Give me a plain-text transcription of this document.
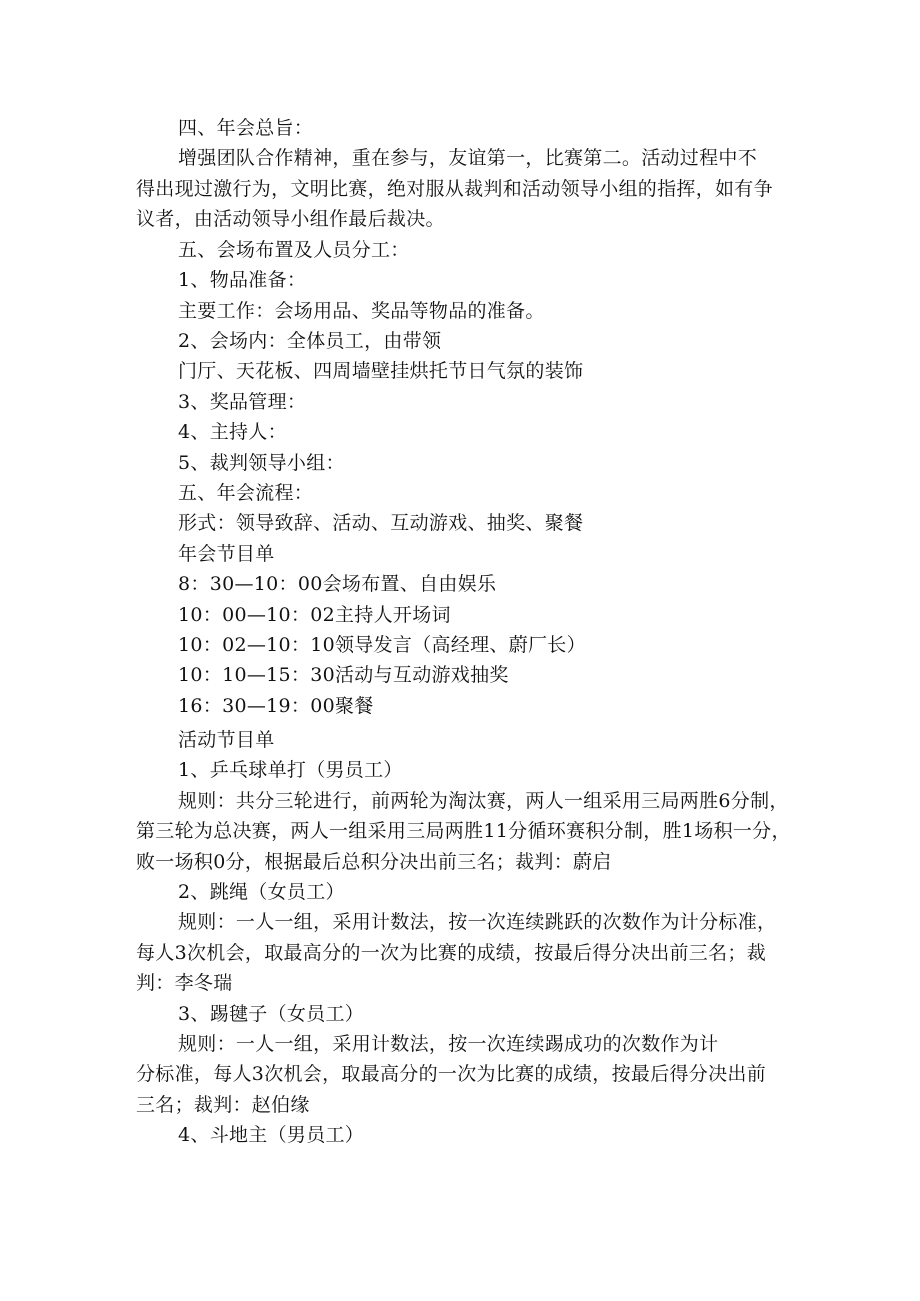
四、年会总旨：
增强团队合作精神，重在参与，友谊第一，比赛第二。活动过程中不
得出现过激行为，文明比赛，绝对服从裁判和活动领导小组的指挥，如有争
议者，由活动领导小组作最后裁决。
五、会场布置及人员分工：
1、物品准备：
主要工作：会场用品、奖品等物品的准备。
2、会场内：全体员工，由带领
门厅、天花板、四周墙壁挂烘托节日气氛的装饰
3、奖品管理：
4、主持人：
5、裁判领导小组：
五、年会流程：
形式：领导致辞、活动、互动游戏、抽奖、聚餐
年会节目单
8：30—10：00会场布置、自由娱乐
10：00—10：02主持人开场词
10：02—10：10领导发言（高经理、蔚厂长）
10：10—15：30活动与互动游戏抽奖
16：30—19：00聚餐
活动节目单
1、乒乓球单打（男员工）
规则：共分三轮进行，前两轮为淘汰赛，两人一组采用三局两胜6分制，
第三轮为总决赛，两人一组采用三局两胜11分循环赛积分制，胜1场积一分，
败一场积0分，根据最后总积分决出前三名；裁判：蔚启
2、跳绳（女员工）
规则：一人一组，采用计数法，按一次连续跳跃的次数作为计分标准，
每人3次机会，取最高分的一次为比赛的成绩，按最后得分决出前三名；裁
判：李冬瑞
3、踢毽子（女员工）
规则：一人一组，采用计数法，按一次连续踢成功的次数作为计
分标准，每人3次机会，取最高分的一次为比赛的成绩，按最后得分决出前
三名；裁判：赵伯缘
4、斗地主（男员工）
